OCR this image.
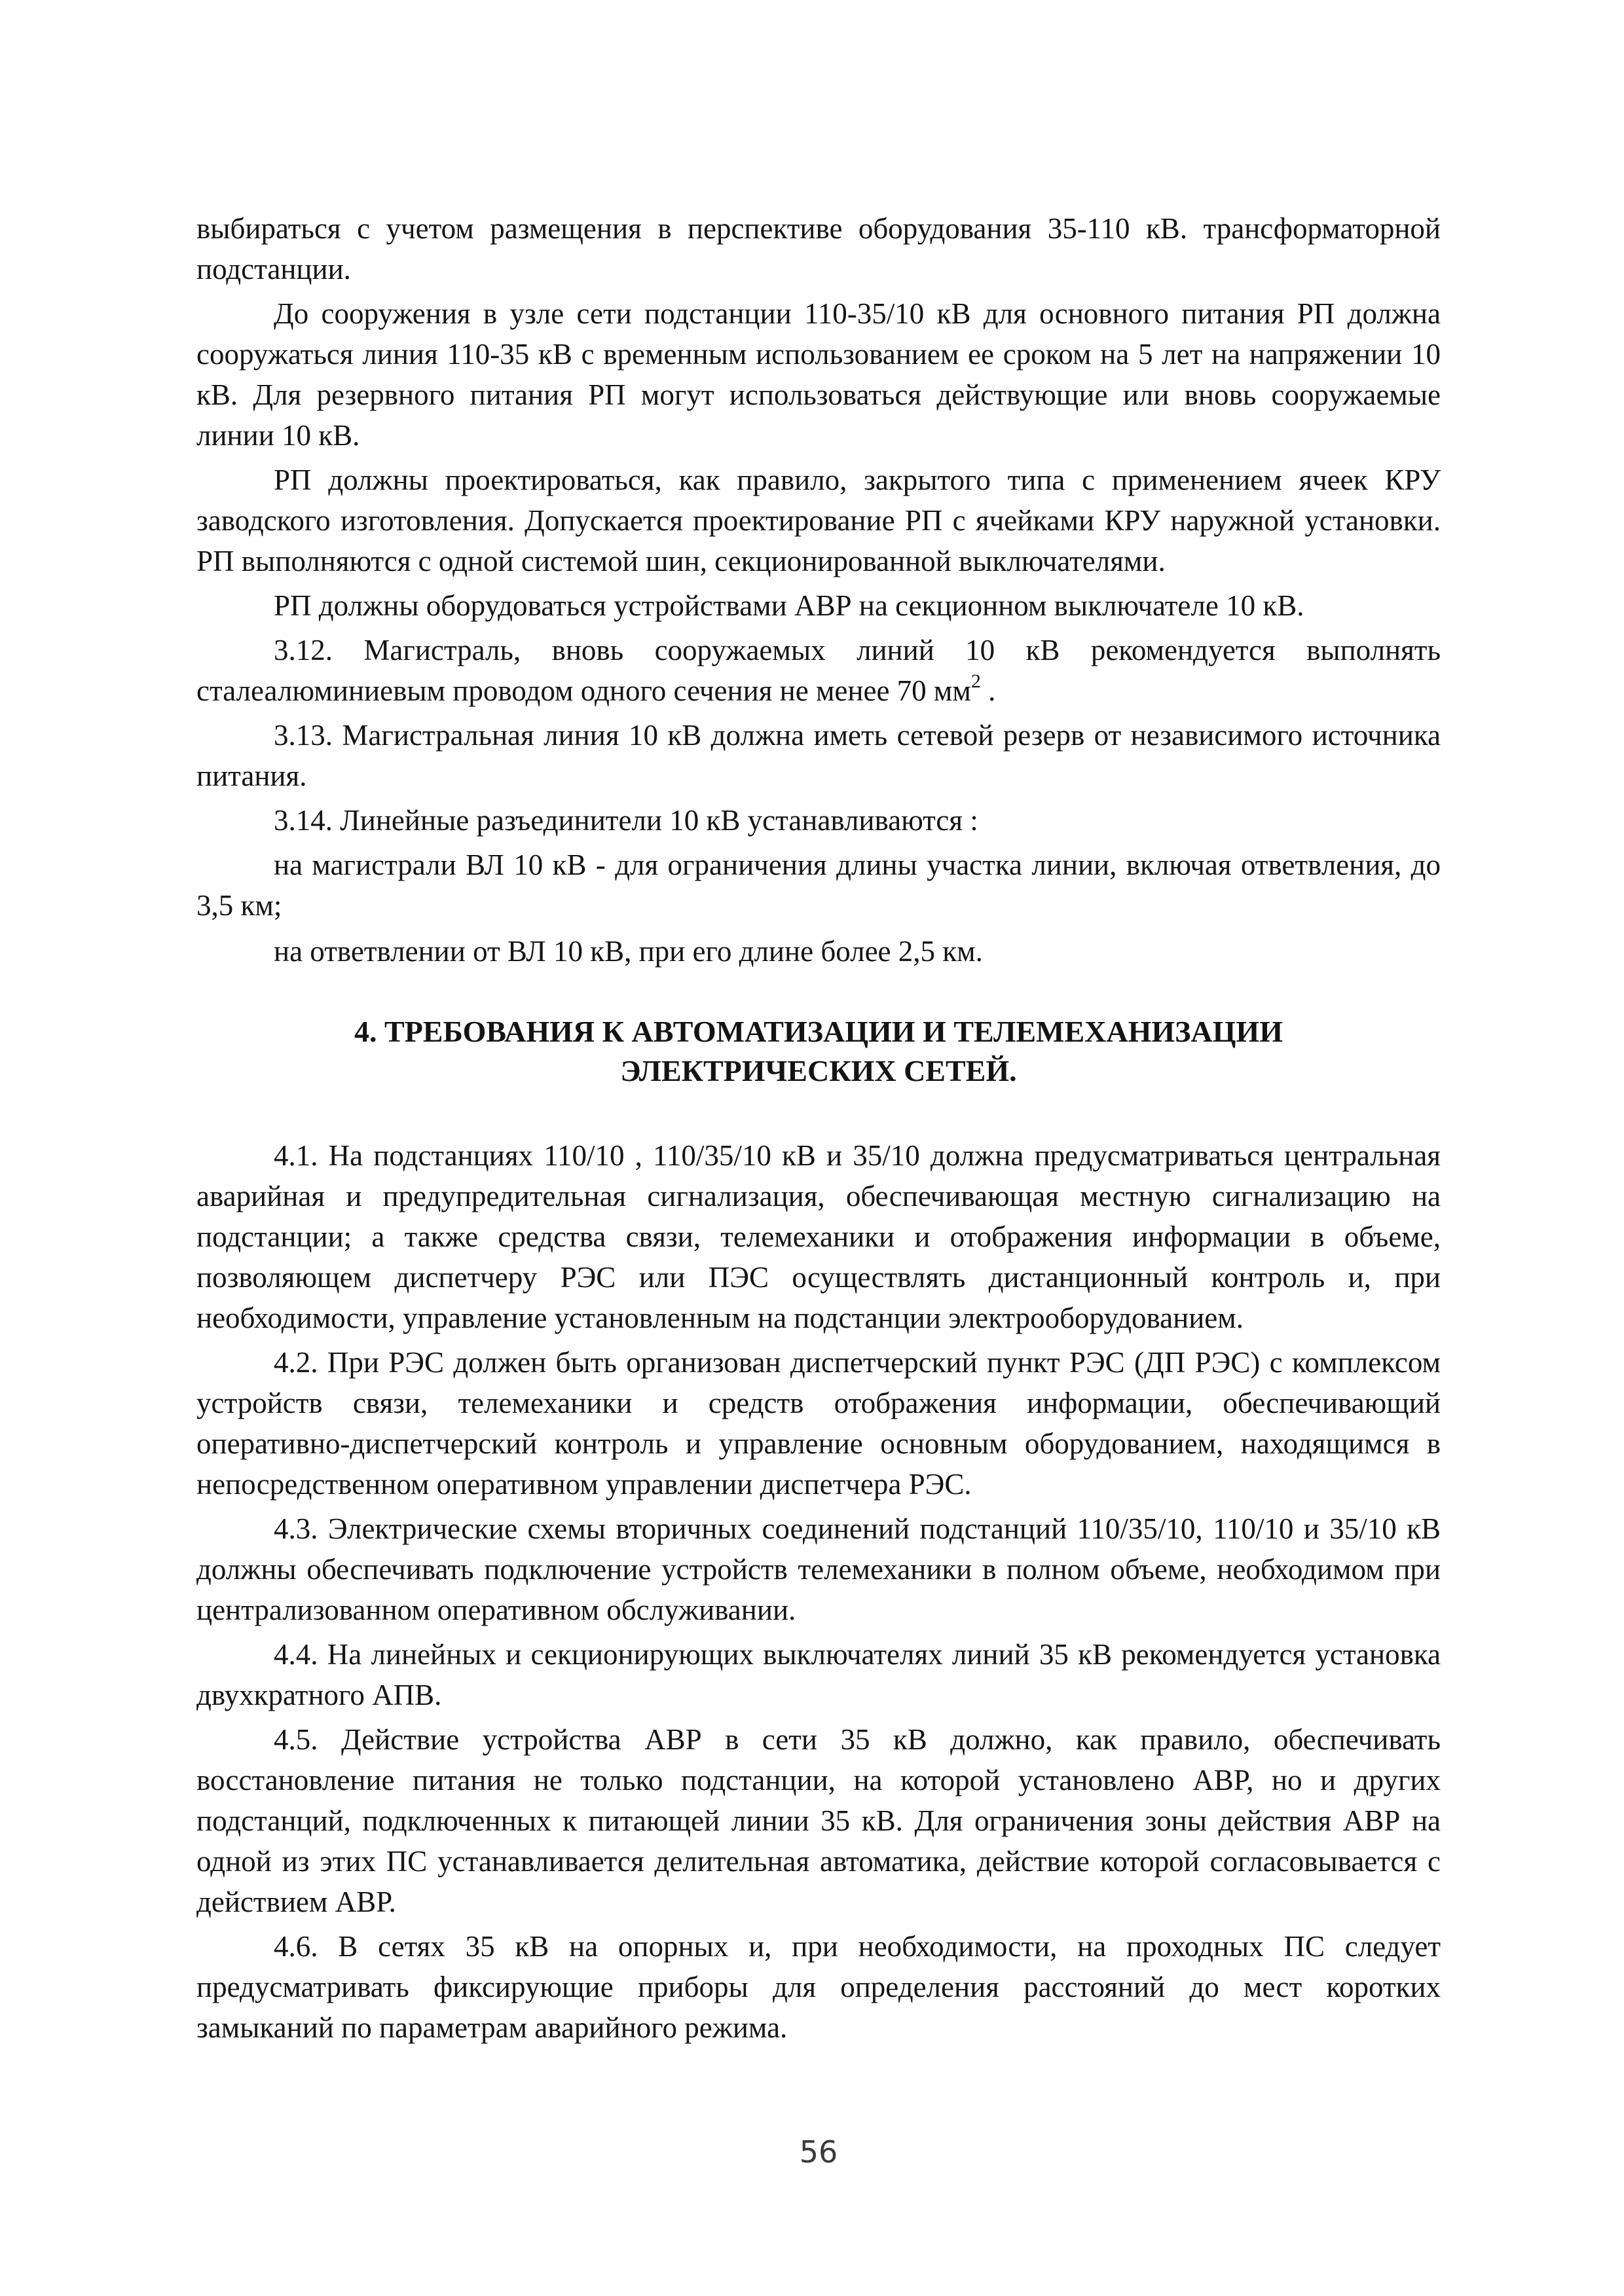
выбираться с учетом размещения в перспективе оборудования 35-110 кВ. трансформаторной подстанции.

До сооружения в узле сети подстанции 110-35/10 кВ для основного питания РП должна сооружаться линия 110-35 кВ с временным использованием ее сроком на 5 лет на напряжении 10 кВ. Для резервного питания РП могут использоваться действующие или вновь сооружаемые линии 10 кВ.

РП должны проектироваться, как правило, закрытого типа с применением ячеек КРУ заводского изготовления. Допускается проектирование РП с ячейками КРУ наружной установки. РП выполняются с одной системой шин, секционированной выключателями.

РП должны оборудоваться устройствами АВР на секционном выключателе 10 кВ.

3.12. Магистраль, вновь сооружаемых линий 10 кВ рекомендуется выполнять сталеалюминиевым проводом одного сечения не менее 70 $мм^2$ .

3.13. Магистральная линия 10 кВ должна иметь сетевой резерв от независимого источника питания.

3.14. Линейные разъединители 10 кВ устанавливаются :

на магистрали ВЛ 10 кВ - для ограничения длины участка линии, включая ответвления, до 3,5 км;

на ответвлении от ВЛ 10 кВ, при его длине более 2,5 км.

4. ТРЕБОВАНИЯ К АВТОМАТИЗАЦИИ И ТЕЛЕМЕХАНИЗАЦИИ
ЭЛЕКТРИЧЕСКИХ СЕТЕЙ.

4.1. На подстанциях 110/10 , 110/35/10 кВ и 35/10 должна предусматриваться центральная аварийная и предупредительная сигнализация, обеспечивающая местную сигнализацию на подстанции; а также средства связи, телемеханики и отображения информации в объеме, позволяющем диспетчеру РЭС или ПЭС осуществлять дистанционный контроль и, при необходимости, управление установленным на подстанции электрооборудованием.

4.2. При РЭС должен быть организован диспетчерский пункт РЭС (ДП РЭС) с комплексом устройств связи, телемеханики и средств отображения информации, обеспечивающий оперативно-диспетчерский контроль и управление основным оборудованием, находящимся в непосредственном оперативном управлении диспетчера РЭС.

4.3. Электрические схемы вторичных соединений подстанций 110/35/10, 110/10 и 35/10 кВ должны обеспечивать подключение устройств телемеханики в полном объеме, необходимом при централизованном оперативном обслуживании.

4.4. На линейных и секционирующих выключателях линий 35 кВ рекомендуется установка двухкратного АПВ.

4.5. Действие устройства АВР в сети 35 кВ должно, как правило, обеспечивать восстановление питания не только подстанции, на которой установлено АВР, но и других подстанций, подключенных к питающей линии 35 кВ. Для ограничения зоны действия АВР на одной из этих ПС устанавливается делительная автоматика, действие которой согласовывается с действием АВР.

4.6. В сетях 35 кВ на опорных и, при необходимости, на проходных ПС следует предусматривать фиксирующие приборы для определения расстояний до мест коротких замыканий по параметрам аварийного режима.

56
